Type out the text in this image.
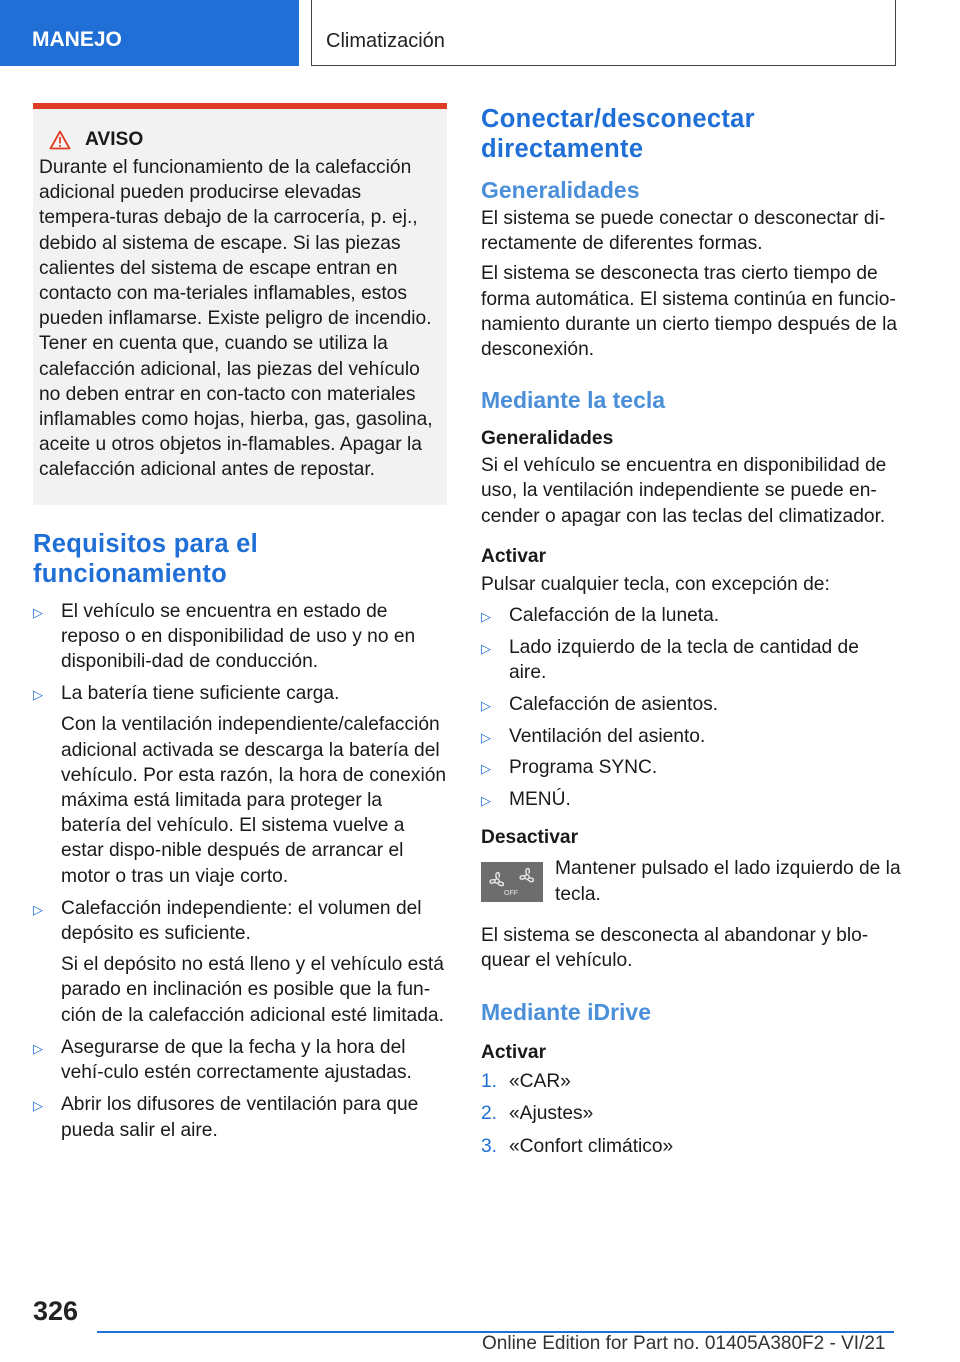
MANEJO	Climatización
AVISO

Durante el funcionamiento de la calefacción adicional pueden producirse elevadas tempera-turas debajo de la carrocería, p. ej., debido al sistema de escape. Si las piezas calientes del sistema de escape entran en contacto con ma-teriales inflamables, estos pueden inflamarse. Existe peligro de incendio. Tener en cuenta que, cuando se utiliza la calefacción adicional, las piezas del vehículo no deben entrar en con-tacto con materiales inflamables como hojas, hierba, gas, gasolina, aceite u otros objetos in-flamables. Apagar la calefacción adicional antes de repostar.

Requisitos para el funcionamiento
▷ El vehículo se encuentra en estado de reposo o en disponibilidad de uso y no en disponibili-dad de conducción.
▷ La batería tiene suficiente carga.
Con la ventilación independiente/calefacción adicional activada se descarga la batería del vehículo. Por esta razón, la hora de conexión máxima está limitada para proteger la batería del vehículo. El sistema vuelve a estar dispo-nible después de arrancar el motor o tras un viaje corto.
▷ Calefacción independiente: el volumen del depósito es suficiente.
Si el depósito no está lleno y el vehículo está parado en inclinación es posible que la fun-ción de la calefacción adicional esté limitada.
▷ Asegurarse de que la fecha y la hora del vehí-culo estén correctamente ajustadas.
▷ Abrir los difusores de ventilación para que pueda salir el aire.
Conectar/desconectar directamente
Generalidades

El sistema se puede conectar o desconectar di-rectamente de diferentes formas.

El sistema se desconecta tras cierto tiempo de forma automática. El sistema continúa en funcio-namiento durante un cierto tiempo después de la desconexión.

Mediante la tecla
Generalidades

Si el vehículo se encuentra en disponibilidad de uso, la ventilación independiente se puede en-cender o apagar con las teclas del climatizador.

Activar

Pulsar cualquier tecla, con excepción de:

▷ Calefacción de la luneta.
▷ Lado izquierdo de la tecla de cantidad de aire.
▷ Calefacción de asientos.
▷ Ventilación del asiento.
▷ Programa SYNC.
▷ MENÚ.
Desactivar
OFF

Mantener pulsado el lado izquierdo de la tecla.

El sistema se desconecta al abandonar y blo-quear el vehículo.

Mediante iDrive
Activar
1. «CAR»
2. «Ajustes»
3. «Confort climático»
326
Online Edition for Part no. 01405A380F2 - VI/21
